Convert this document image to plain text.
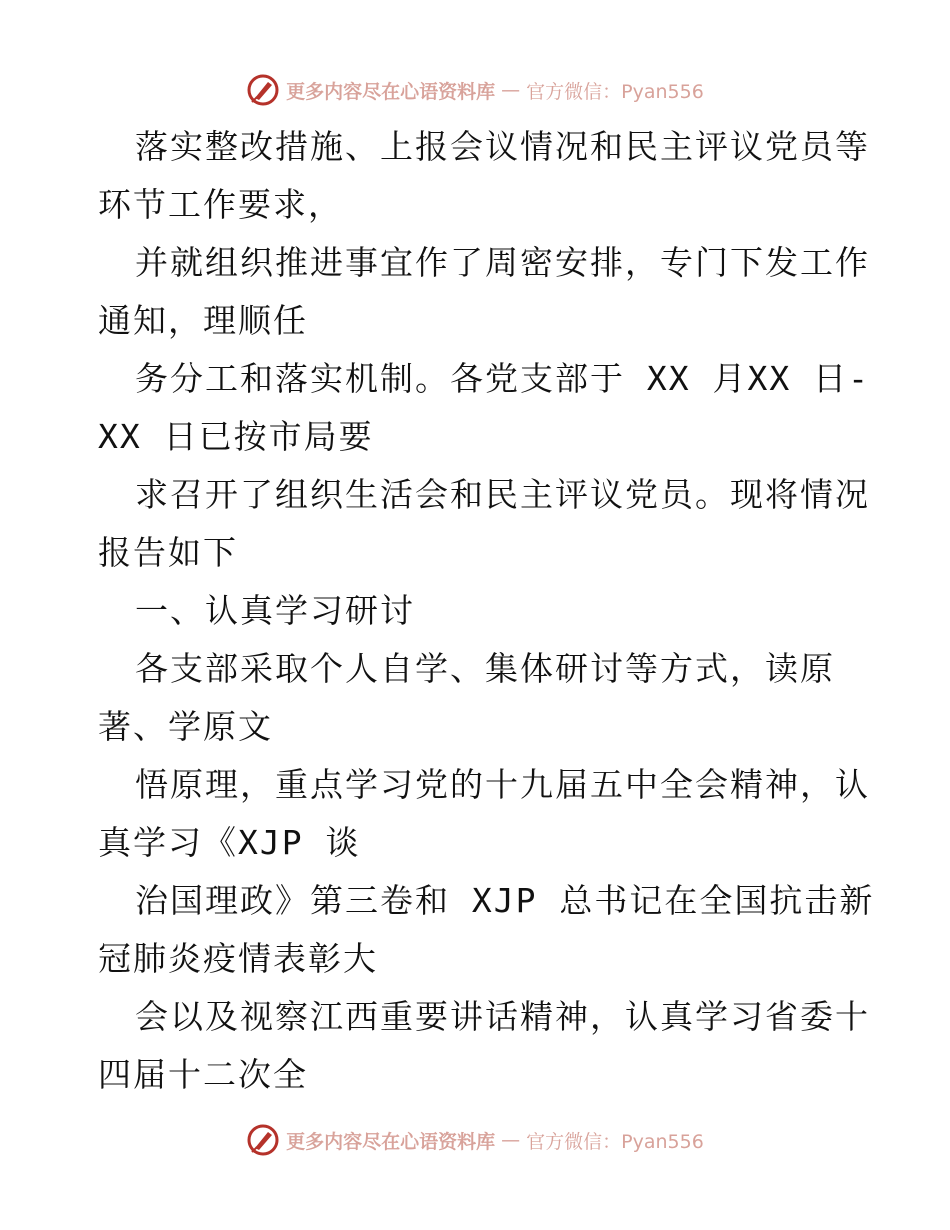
更多内容尽在心语资料库 — 官方微信：Pyan556
落实整改措施、上报会议情况和民主评议党员等
环节工作要求，
并就组织推进事宜作了周密安排，专门下发工作
通知，理顺任
务分工和落实机制。各党支部于 XX 月XX 日-
XX 日已按市局要
求召开了组织生活会和民主评议党员。现将情况
报告如下
一、认真学习研讨
各支部采取个人自学、集体研讨等方式，读原
著、学原文
悟原理，重点学习党的十九届五中全会精神，认
真学习《XJP 谈
治国理政》第三卷和 XJP 总书记在全国抗击新
冠肺炎疫情表彰大
会以及视察江西重要讲话精神，认真学习省委十
四届十二次全
更多内容尽在心语资料库 — 官方微信：Pyan556
